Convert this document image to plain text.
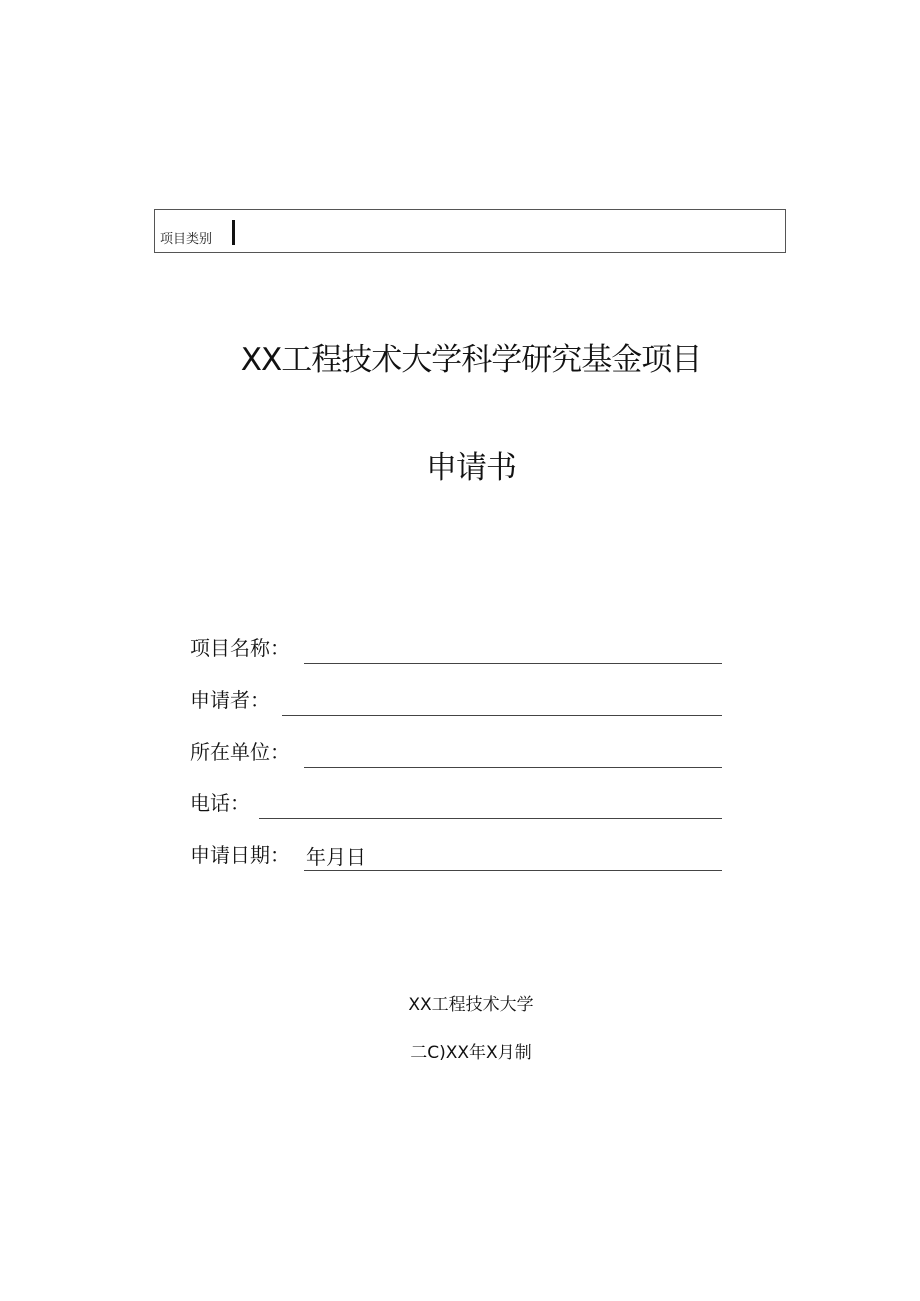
项目类别
XX工程技术大学科学研究基金项目
申请书
项目名称：
申请者：
所在单位：
电话：
申请日期： 年月日
XX工程技术大学
二C)XX年X月制
